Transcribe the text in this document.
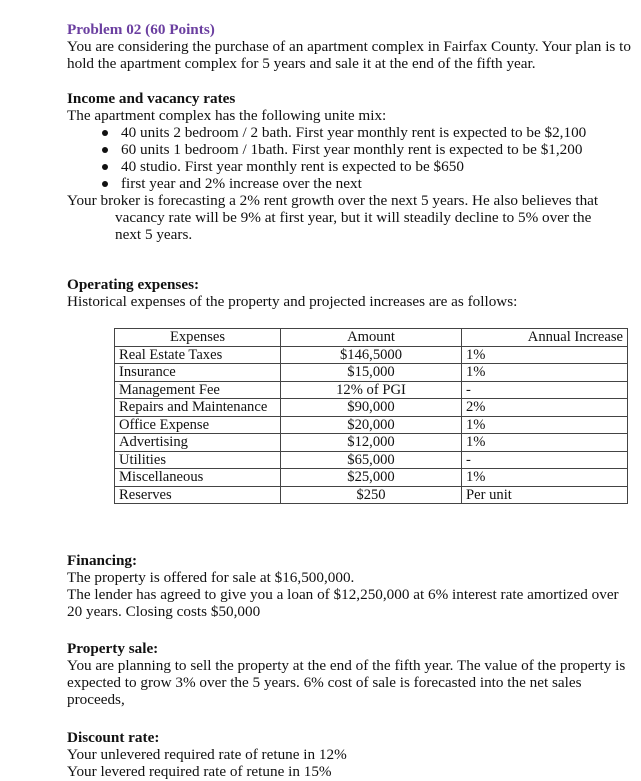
Problem 02 (60 Points)

You are considering the purchase of an apartment complex in Fairfax County. Your plan is to hold the apartment complex for 5 years and sale it at the end of the fifth year.

Income and vacancy rates

The apartment complex has the following unite mix:

40 units 2 bedroom / 2 bath. First year monthly rent is expected to be $2,100
60 units 1 bedroom / 1bath. First year monthly rent is expected to be $1,200
40 studio. First year monthly rent is expected to be $650
first year and 2% increase over the next

Your broker is forecasting a 2% rent growth over the next 5 years. He also believes that

vacancy rate will be 9% at first year, but it will steadily decline to 5% over the

next 5 years.

Operating expenses:

Historical expenses of the property and projected increases are as follows:

Expenses	Amount	Annual Increase
Real Estate Taxes	$146,5000	1%
Insurance	$15,000	1%
Management Fee	12% of PGI	-
Repairs and Maintenance	$90,000	2%
Office Expense	$20,000	1%
Advertising	$12,000	1%
Utilities	$65,000	-
Miscellaneous	$25,000	1%
Reserves	$250	Per unit

Financing:

The property is offered for sale at $16,500,000.

The lender has agreed to give you a loan of $12,250,000 at 6% interest rate amortized over 20 years. Closing costs $50,000

Property sale:

You are planning to sell the property at the end of the fifth year. The value of the property is expected to grow 3% over the 5 years. 6% cost of sale is forecasted into the net sales proceeds,

Discount rate:

Your unlevered required rate of retune in 12%

Your levered required rate of retune in 15%
